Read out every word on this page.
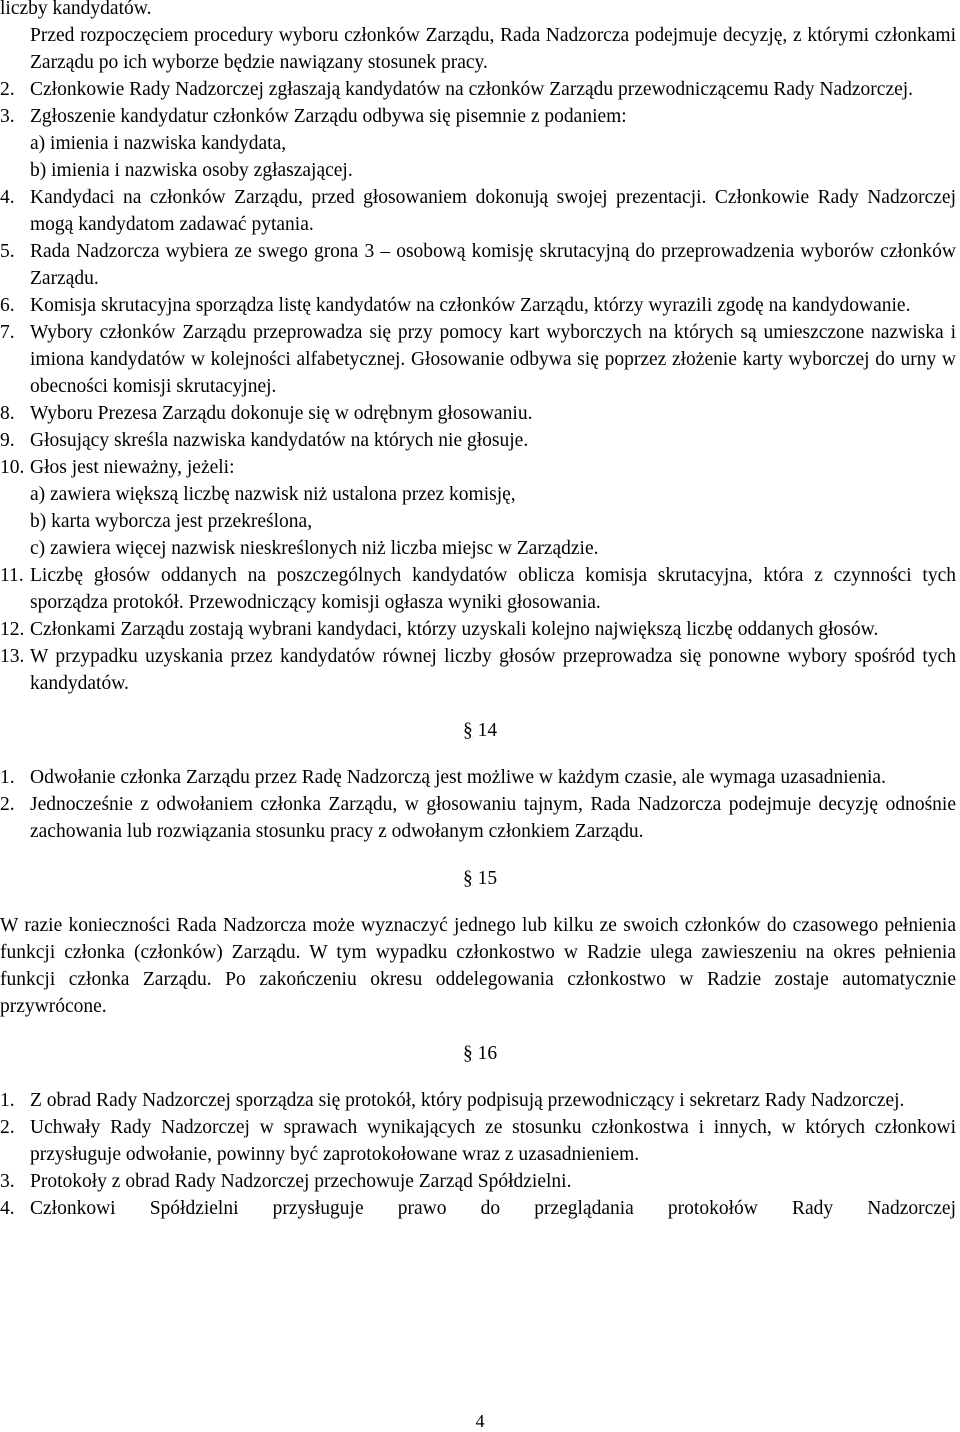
liczby kandydatów.

Przed rozpoczęciem procedury wyboru członków Zarządu, Rada Nadzorcza podejmuje decyzję, z którymi członkami Zarządu po ich wyborze będzie nawiązany stosunek pracy.

2. Członkowie Rady Nadzorczej zgłaszają kandydatów na członków Zarządu przewodniczącemu Rady Nadzorczej.
3. Zgłoszenie kandydatur członków Zarządu odbywa się pisemnie z podaniem:
a) imienia i nazwiska kandydata,
b) imienia i nazwiska osoby zgłaszającej.
4. Kandydaci na członków Zarządu, przed głosowaniem dokonują swojej prezentacji. Członkowie Rady Nadzorczej mogą kandydatom zadawać pytania.
5. Rada Nadzorcza wybiera ze swego grona 3 – osobową komisję skrutacyjną do przeprowadzenia wyborów członków Zarządu.
6. Komisja skrutacyjna sporządza listę kandydatów na członków Zarządu, którzy wyrazili zgodę na kandydowanie.
7. Wybory członków Zarządu przeprowadza się przy pomocy kart wyborczych na których są umieszczone nazwiska i imiona kandydatów w kolejności alfabetycznej. Głosowanie odbywa się poprzez złożenie karty wyborczej do urny w obecności komisji skrutacyjnej.
8. Wyboru Prezesa Zarządu dokonuje się w odrębnym głosowaniu.
9. Głosujący skreśla nazwiska kandydatów na których nie głosuje.
10. Głos jest nieważny, jeżeli:
a) zawiera większą liczbę nazwisk niż ustalona przez komisję,
b) karta wyborcza jest przekreślona,
c) zawiera więcej nazwisk nieskreślonych niż liczba miejsc w Zarządzie.
11. Liczbę głosów oddanych na poszczególnych kandydatów oblicza komisja skrutacyjna, która z czynności tych sporządza protokół. Przewodniczący komisji ogłasza wyniki głosowania.
12. Członkami Zarządu zostają wybrani kandydaci, którzy uzyskali kolejno największą liczbę oddanych głosów.
13. W przypadku uzyskania przez kandydatów równej liczby głosów przeprowadza się ponowne wybory spośród tych kandydatów.

§ 14

1. Odwołanie członka Zarządu przez Radę Nadzorczą jest możliwe w każdym czasie, ale wymaga uzasadnienia.
2. Jednocześnie z odwołaniem członka Zarządu, w głosowaniu tajnym, Rada Nadzorcza podejmuje decyzję odnośnie zachowania lub rozwiązania stosunku pracy z odwołanym członkiem Zarządu.

§ 15

W razie konieczności Rada Nadzorcza może wyznaczyć jednego lub kilku ze swoich członków do czasowego pełnienia funkcji członka (członków) Zarządu. W tym wypadku członkostwo w Radzie ulega zawieszeniu na okres pełnienia funkcji członka Zarządu. Po zakończeniu okresu oddelegowania członkostwo w Radzie zostaje automatycznie przywrócone.

§ 16

1. Z obrad Rady Nadzorczej sporządza się protokół, który podpisują przewodniczący i sekretarz Rady Nadzorczej.
2. Uchwały Rady Nadzorczej w sprawach wynikających ze stosunku członkostwa i innych, w których członkowi przysługuje odwołanie, powinny być zaprotokołowane wraz z uzasadnieniem.
3. Protokoły z obrad Rady Nadzorczej przechowuje Zarząd Spółdzielni.
4. Członkowi Spółdzielni przysługuje prawo do przeglądania protokołów Rady Nadzorczej
4
